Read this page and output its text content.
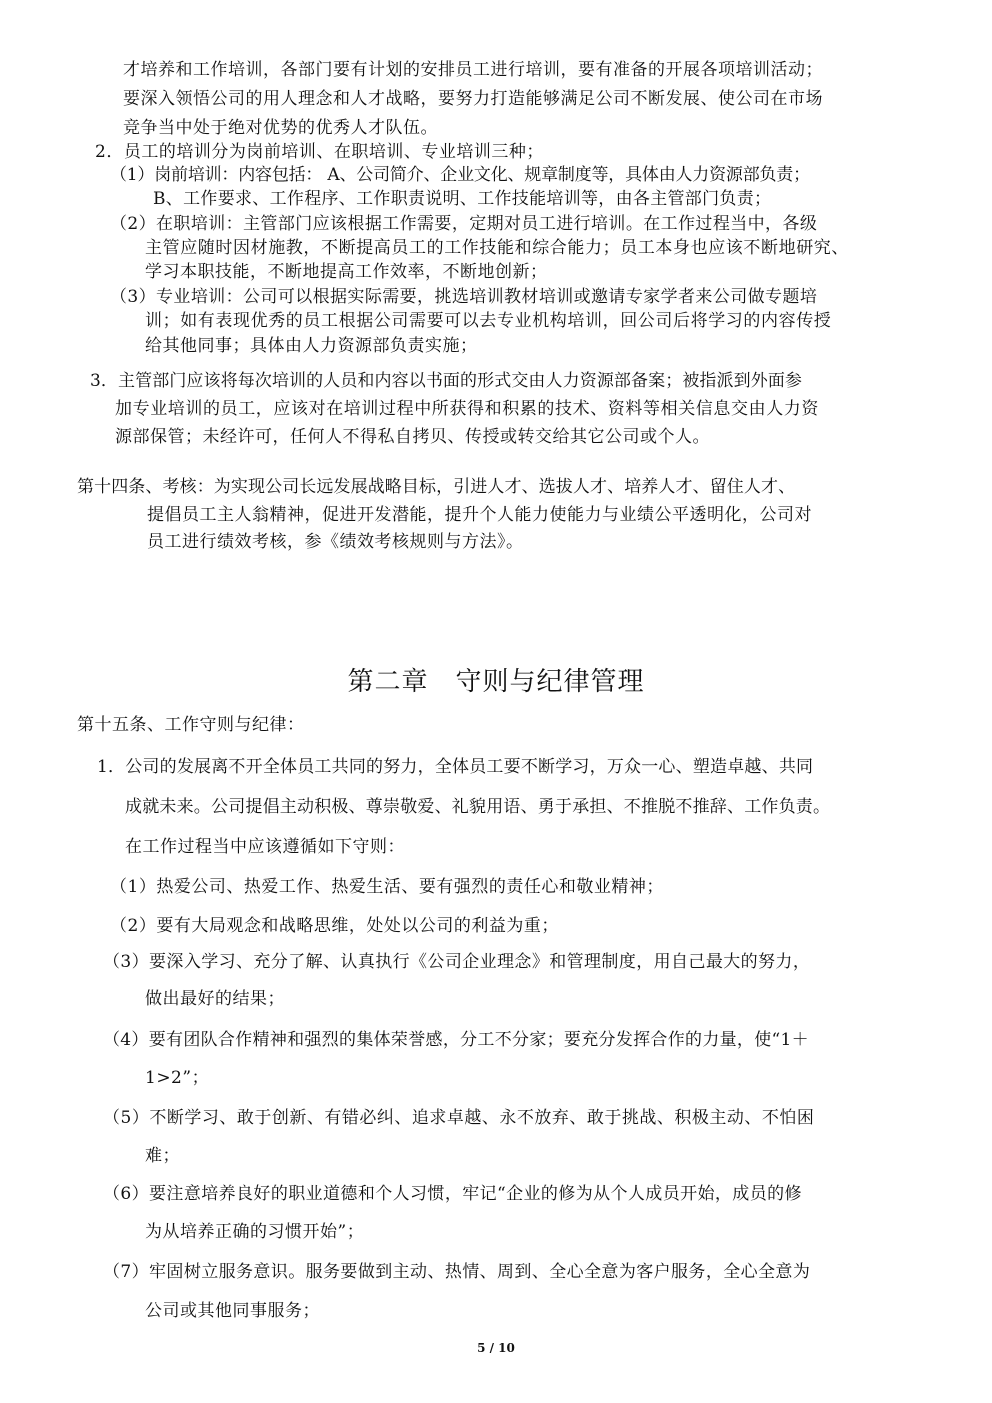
才培养和工作培训，各部门要有计划的安排员工进行培训，要有准备的开展各项培训活动；
要深入领悟公司的用人理念和人才战略，要努力打造能够满足公司不断发展、使公司在市场
竞争当中处于绝对优势的优秀人才队伍。
2．员工的培训分为岗前培训、在职培训、专业培训三种；
（1）岗前培训：内容包括： A、公司简介、企业文化、规章制度等，具体由人力资源部负责；
B、工作要求、工作程序、工作职责说明、工作技能培训等，由各主管部门负责；
（2）在职培训：主管部门应该根据工作需要，定期对员工进行培训。在工作过程当中，各级
主管应随时因材施教，不断提高员工的工作技能和综合能力；员工本身也应该不断地研究、
学习本职技能，不断地提高工作效率，不断地创新；
（3）专业培训：公司可以根据实际需要，挑选培训教材培训或邀请专家学者来公司做专题培
训；如有表现优秀的员工根据公司需要可以去专业机构培训，回公司后将学习的内容传授
给其他同事；具体由人力资源部负责实施；
3．主管部门应该将每次培训的人员和内容以书面的形式交由人力资源部备案；被指派到外面参
加专业培训的员工，应该对在培训过程中所获得和积累的技术、资料等相关信息交由人力资
源部保管；未经许可，任何人不得私自拷贝、传授或转交给其它公司或个人。
第十四条、考核：为实现公司长远发展战略目标，引进人才、选拔人才、培养人才、留住人才、
提倡员工主人翁精神，促进开发潜能，提升个人能力使能力与业绩公平透明化，公司对
员工进行绩效考核，参《绩效考核规则与方法》。
第二章　守则与纪律管理
第十五条、工作守则与纪律：
1．公司的发展离不开全体员工共同的努力，全体员工要不断学习，万众一心、塑造卓越、共同
成就未来。公司提倡主动积极、尊崇敬爱、礼貌用语、勇于承担、不推脱不推辞、工作负责。
在工作过程当中应该遵循如下守则：
（1）热爱公司、热爱工作、热爱生活、要有强烈的责任心和敬业精神；
（2）要有大局观念和战略思维，处处以公司的利益为重；
（3）要深入学习、充分了解、认真执行《公司企业理念》和管理制度，用自己最大的努力，
做出最好的结果；
（4）要有团队合作精神和强烈的集体荣誉感，分工不分家；要充分发挥合作的力量，使“1＋
1>2”；
（5）不断学习、敢于创新、有错必纠、追求卓越、永不放弃、敢于挑战、积极主动、不怕困
难；
（6）要注意培养良好的职业道德和个人习惯，牢记“企业的修为从个人成员开始，成员的修
为从培养正确的习惯开始”；
（7）牢固树立服务意识。服务要做到主动、热情、周到、全心全意为客户服务，全心全意为
公司或其他同事服务；
5 / 10
